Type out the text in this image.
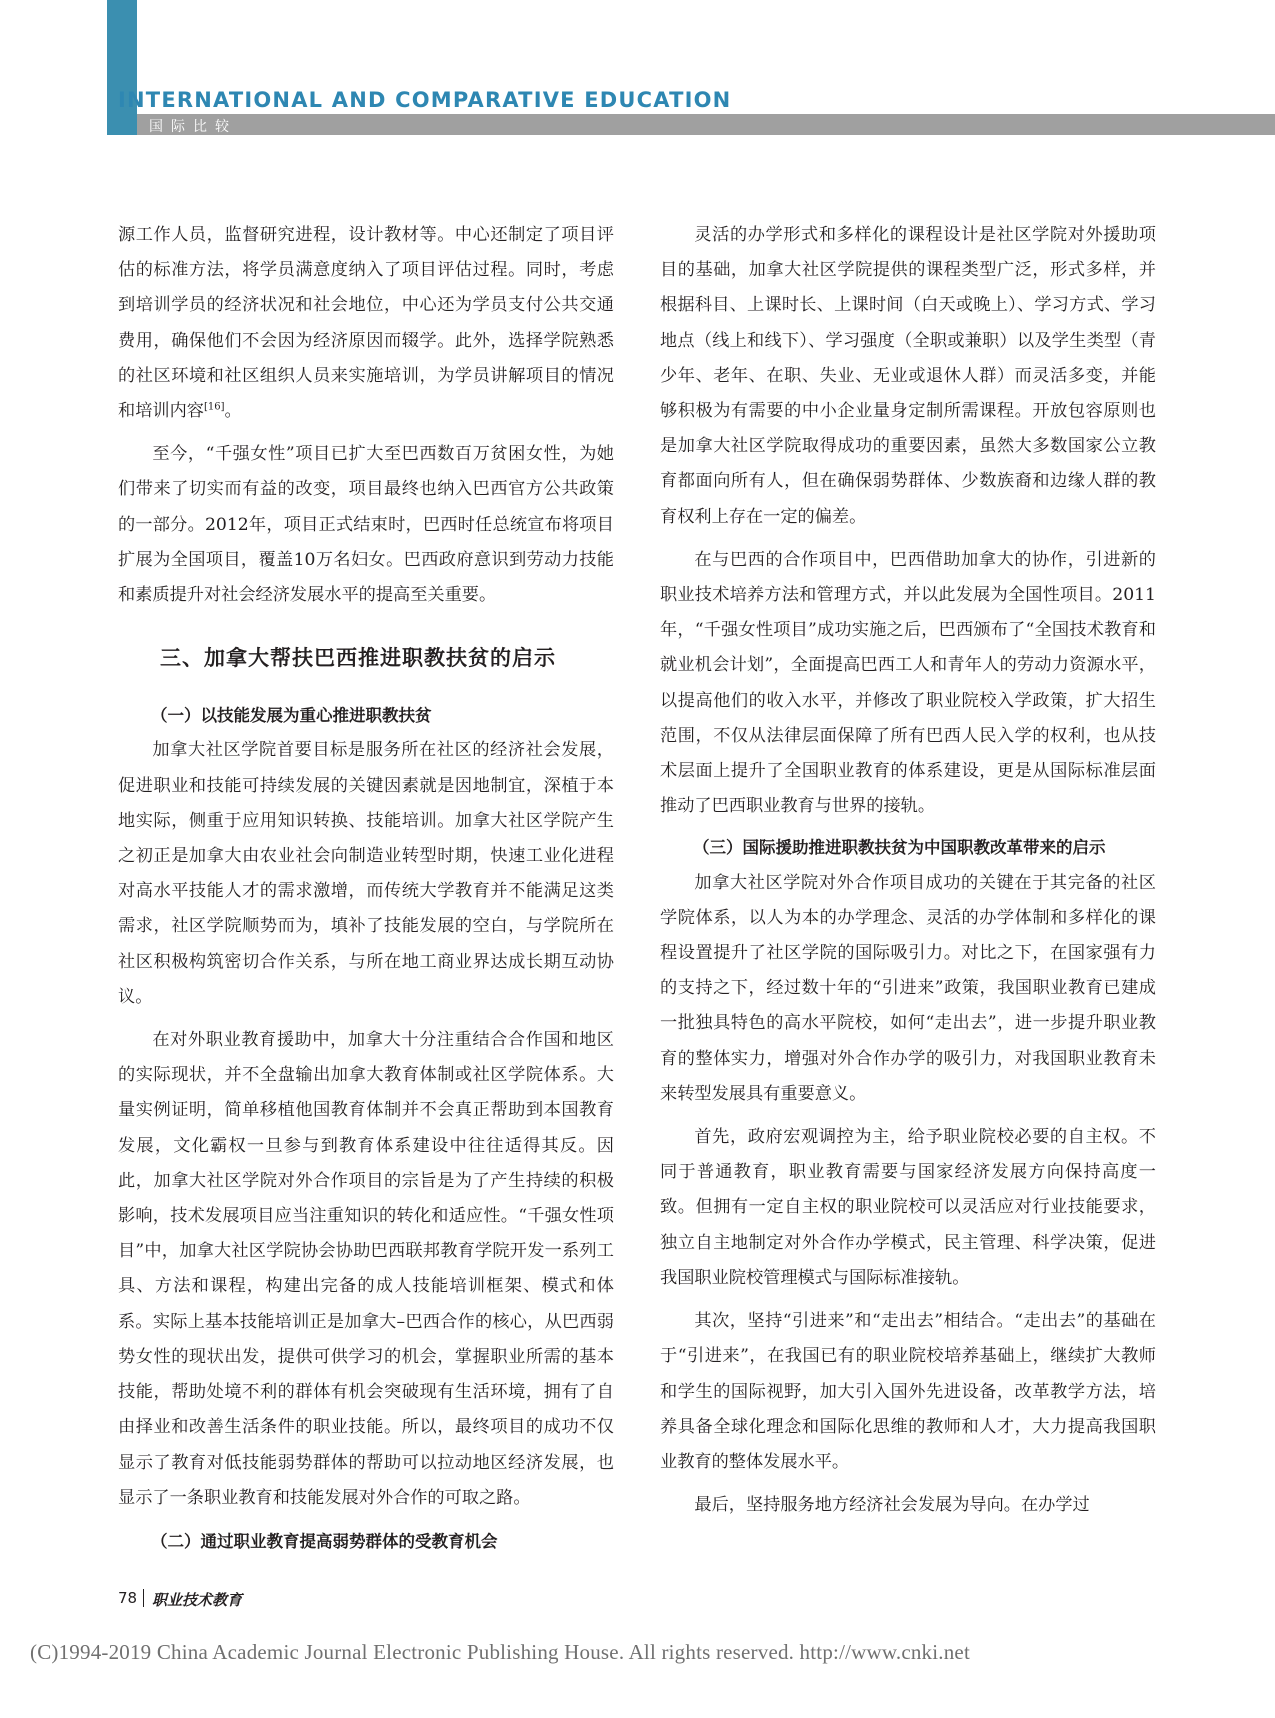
INTERNATIONAL AND COMPARATIVE EDUCATION
国际比较

源工作人员，监督研究进程，设计教材等。中心还制定了项目评估的标准方法，将学员满意度纳入了项目评估过程。同时，考虑到培训学员的经济状况和社会地位，中心还为学员支付公共交通费用，确保他们不会因为经济原因而辍学。此外，选择学院熟悉的社区环境和社区组织人员来实施培训，为学员讲解项目的情况和培训内容[16]。

至今，“千强女性”项目已扩大至巴西数百万贫困女性，为她们带来了切实而有益的改变，项目最终也纳入巴西官方公共政策的一部分。2012年，项目正式结束时，巴西时任总统宣布将项目扩展为全国项目，覆盖10万名妇女。巴西政府意识到劳动力技能和素质提升对社会经济发展水平的提高至关重要。

三、加拿大帮扶巴西推进职教扶贫的启示
（一）以技能发展为重心推进职教扶贫

加拿大社区学院首要目标是服务所在社区的经济社会发展，促进职业和技能可持续发展的关键因素就是因地制宜，深植于本地实际，侧重于应用知识转换、技能培训。加拿大社区学院产生之初正是加拿大由农业社会向制造业转型时期，快速工业化进程对高水平技能人才的需求激增，而传统大学教育并不能满足这类需求，社区学院顺势而为，填补了技能发展的空白，与学院所在社区积极构筑密切合作关系，与所在地工商业界达成长期互动协议。

在对外职业教育援助中，加拿大十分注重结合合作国和地区的实际现状，并不全盘输出加拿大教育体制或社区学院体系。大量实例证明，简单移植他国教育体制并不会真正帮助到本国教育发展，文化霸权一旦参与到教育体系建设中往往适得其反。因此，加拿大社区学院对外合作项目的宗旨是为了产生持续的积极影响，技术发展项目应当注重知识的转化和适应性。“千强女性项目”中，加拿大社区学院协会协助巴西联邦教育学院开发一系列工具、方法和课程，构建出完备的成人技能培训框架、模式和体系。实际上基本技能培训正是加拿大–巴西合作的核心，从巴西弱势女性的现状出发，提供可供学习的机会，掌握职业所需的基本技能，帮助处境不利的群体有机会突破现有生活环境，拥有了自由择业和改善生活条件的职业技能。所以，最终项目的成功不仅显示了教育对低技能弱势群体的帮助可以拉动地区经济发展，也显示了一条职业教育和技能发展对外合作的可取之路。

（二）通过职业教育提高弱势群体的受教育机会

灵活的办学形式和多样化的课程设计是社区学院对外援助项目的基础，加拿大社区学院提供的课程类型广泛，形式多样，并根据科目、上课时长、上课时间（白天或晚上）、学习方式、学习地点（线上和线下）、学习强度（全职或兼职）以及学生类型（青少年、老年、在职、失业、无业或退休人群）而灵活多变，并能够积极为有需要的中小企业量身定制所需课程。开放包容原则也是加拿大社区学院取得成功的重要因素，虽然大多数国家公立教育都面向所有人，但在确保弱势群体、少数族裔和边缘人群的教育权利上存在一定的偏差。

在与巴西的合作项目中，巴西借助加拿大的协作，引进新的职业技术培养方法和管理方式，并以此发展为全国性项目。2011年，“千强女性项目”成功实施之后，巴西颁布了“全国技术教育和就业机会计划”，全面提高巴西工人和青年人的劳动力资源水平，以提高他们的收入水平，并修改了职业院校入学政策，扩大招生范围，不仅从法律层面保障了所有巴西人民入学的权利，也从技术层面上提升了全国职业教育的体系建设，更是从国际标准层面推动了巴西职业教育与世界的接轨。

（三）国际援助推进职教扶贫为中国职教改革带来的启示

加拿大社区学院对外合作项目成功的关键在于其完备的社区学院体系，以人为本的办学理念、灵活的办学体制和多样化的课程设置提升了社区学院的国际吸引力。对比之下，在国家强有力的支持之下，经过数十年的“引进来”政策，我国职业教育已建成一批独具特色的高水平院校，如何“走出去”，进一步提升职业教育的整体实力，增强对外合作办学的吸引力，对我国职业教育未来转型发展具有重要意义。

首先，政府宏观调控为主，给予职业院校必要的自主权。不同于普通教育，职业教育需要与国家经济发展方向保持高度一致。但拥有一定自主权的职业院校可以灵活应对行业技能要求，独立自主地制定对外合作办学模式，民主管理、科学决策，促进我国职业院校管理模式与国际标准接轨。

其次，坚持“引进来”和“走出去”相结合。“走出去”的基础在于“引进来”，在我国已有的职业院校培养基础上，继续扩大教师和学生的国际视野，加大引入国外先进设备，改革教学方法，培养具备全球化理念和国际化思维的教师和人才，大力提高我国职业教育的整体发展水平。

最后，坚持服务地方经济社会发展为导向。在办学过

78 职业技术教育
(C)1994-2019 China Academic Journal Electronic Publishing House. All rights reserved. http://www.cnki.net
